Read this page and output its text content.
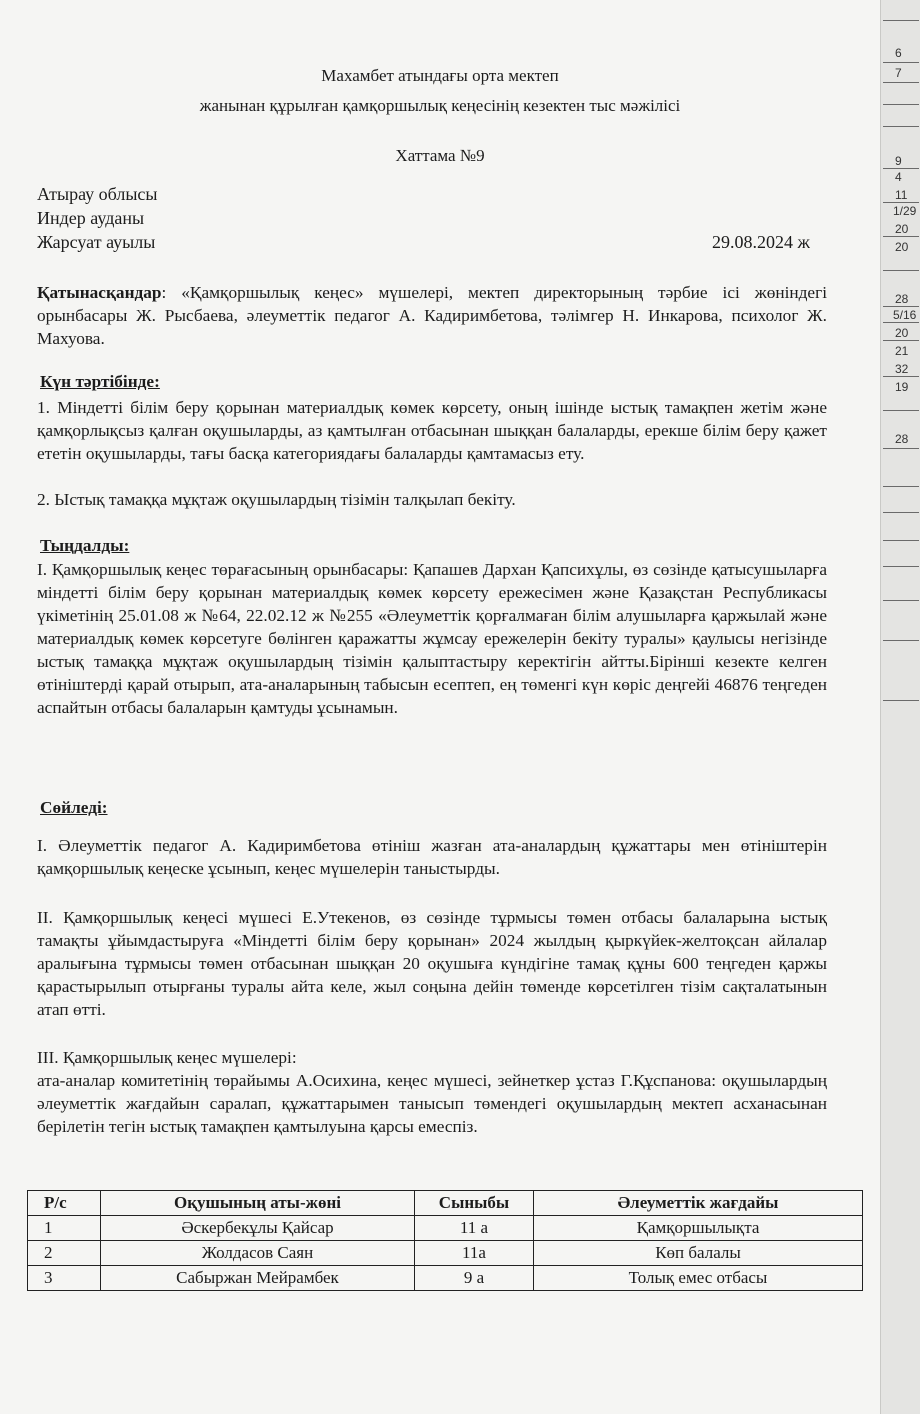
Махамбет атындағы орта мектеп
жанынан құрылған қамқоршылық кеңесінің кезектен тыс мәжілісі
Хаттама №9
Атырау облысы
Индер ауданы
Жарсуат ауылы	29.08.2024 ж
Қатынасқандар: «Қамқоршылық кеңес» мүшелері, мектеп директорының тәрбие ісі жөніндегі орынбасары Ж. Рысбаева, әлеуметтік педагог А. Кадиримбетова, тәлімгер Н. Инкарова, психолог Ж. Махуова.
Күн тәртібінде:
1. Міндетті білім беру қорынан материалдық көмек көрсету, оның ішінде ыстық тамақпен жетім және қамқорлықсыз қалған оқушыларды, аз қамтылған отбасынан шыққан балаларды, ерекше білім беру қажет ететін оқушыларды, тағы басқа категориядағы балаларды қамтамасыз ету.
2. Ыстық тамаққа мұқтаж оқушылардың тізімін талқылап бекіту.
Тыңдалды:
I. Қамқоршылық кеңес төрағасының орынбасары: Қапашев Дархан Қапсихұлы, өз сөзінде қатысушыларға міндетті білім беру қорынан материалдық көмек көрсету ережесімен және Қазақстан Республикасы үкіметінің 25.01.08 ж №64, 22.02.12 ж №255 «Әлеуметтік қорғалмаған білім алушыларға қаржылай және материалдық көмек көрсетуге бөлінген қаражатты жұмсау ережелерін бекіту туралы» қаулысы негізінде ыстық тамаққа мұқтаж оқушылардың тізімін қалыптастыру керектігін айтты.Бірінші кезекте келген өтініштерді қарай отырып, ата-аналарының табысын есептеп, ең төменгі күн көріс деңгейі 46876 теңгеден аспайтын отбасы балаларын қамтуды ұсынамын.
Сөйледі:
I. Әлеуметтік педагог А. Кадиримбетова өтініш жазған ата-аналардың құжаттары мен өтініштерін қамқоршылық кеңеске ұсынып, кеңес мүшелерін таныстырды.
II. Қамқоршылық кеңесі мүшесі Е.Утекенов, өз сөзінде тұрмысы төмен отбасы балаларына ыстық тамақты ұйымдастыруға «Міндетті білім беру қорынан» 2024 жылдың қыркүйек-желтоқсан айлалар аралығына тұрмысы төмен отбасынан шыққан 20 оқушыға күндігіне тамақ құны 600 теңгеден қаржы қарастырылып отырғаны туралы айта келе, жыл соңына дейін төменде көрсетілген тізім сақталатынын атап өтті.
III. Қамқоршылық кеңес мүшелері:
ата-аналар комитетінің төрайымы А.Осихина, кеңес мүшесі, зейнеткер ұстаз Г.Құспанова: оқушылардың әлеуметтік жағдайын саралап, құжаттарымен танысып төмендегі оқушылардың мектеп асханасынан берілетін тегін ыстық тамақпен қамтылуына қарсы емеспіз.
Р/с	Оқушының аты-жөні	Сыныбы	Әлеуметтік жағдайы
1	Әскербекұлы Қайсар	11 а	Қамқоршылықта
2	Жолдасов Саян	11а	Көп балалы
3	Сабыржан Мейрамбек	9 а	Толық емес отбасы
6
7
9
4
11
1/29
20
20
28
5/16
20
21
32
19
28
